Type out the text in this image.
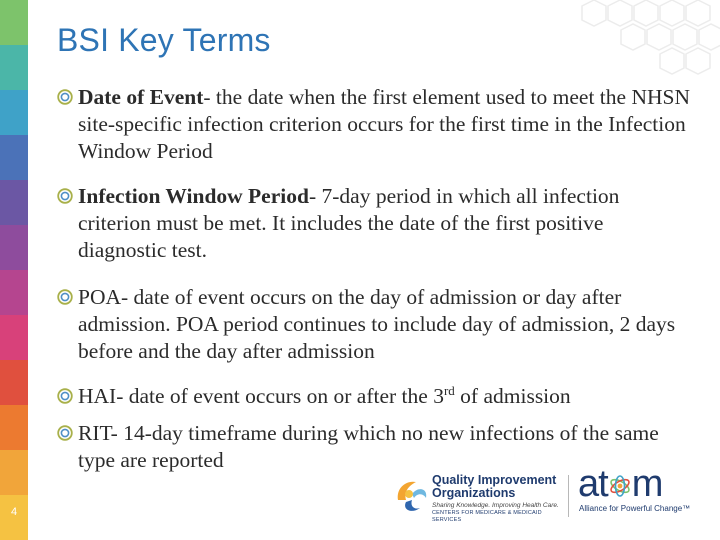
4
BSI Key Terms
Date of Event- the date when the first element used to meet the NHSN site-specific infection criterion occurs for the first time in the Infection Window Period
Infection Window Period- 7-day period in which all infection criterion must be met. It includes the date of the first positive diagnostic test.
POA- date of event occurs on the day of admission or day after admission. POA period continues to include day of admission, 2 days before and the day after admission
HAI- date of event occurs on or after the 3rd of admission
RIT- 14-day timeframe during which no new infections of the same type are reported
Quality Improvement
Organizations
Sharing Knowledge. Improving Health Care.
CENTERS FOR MEDICARE & MEDICAID SERVICES
at m
Alliance for Powerful Change™
